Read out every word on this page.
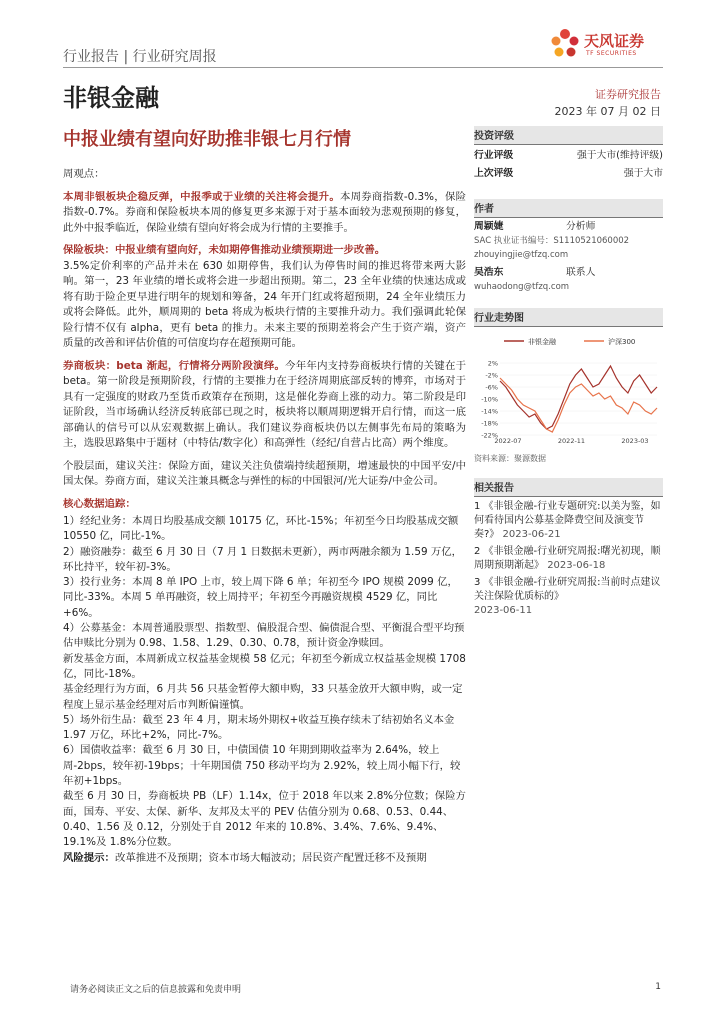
行业报告 | 行业研究周报
非银金融
天风证券
TF SECURITIES
证券研究报告
2023 年 07 月 02 日
中报业绩有望向好助推非银七月行情

周观点：

本周非银板块企稳反弹，中报季或于业绩的关注将会提升。本周券商指数-0.3%，保险指数-0.7%。券商和保险板块本周的修复更多来源于对于基本面较为悲观预期的修复，此外中报季临近，保险业绩有望向好将会成为行情的主要推手。

保险板块：中报业绩有望向好，未如期停售推动业绩预期进一步改善。
3.5%定价利率的产品并未在 630 如期停售，我们认为停售时间的推迟将带来两大影响。第一，23 年业绩的增长或将会进一步超出预期。第二，23 全年业绩的快速达成或将有助于险企更早进行明年的规划和筹备，24 年开门红或将超预期，24 全年业绩压力或将会降低。此外，顺周期的 beta 将成为板块行情的主要推升动力。我们强调此轮保险行情不仅有 alpha，更有 beta 的推力。未来主要的预期差将会产生于资产端，资产质量的改善和评估价值的可信度均存在超预期可能。

券商板块：beta 渐起，行情将分两阶段演绎。今年年内支持券商板块行情的关键在于 beta。第一阶段是预期阶段，行情的主要推力在于经济周期底部反转的博弈，市场对于具有一定强度的财政乃至货币政策存在预期，这是催化券商上涨的动力。第二阶段是印证阶段，当市场确认经济反转底部已现之时，板块将以顺周期逻辑开启行情，而这一底部确认的信号可以从宏观数据上确认。我们建议券商板块仍以左侧事先布局的策略为主，选股思路集中于题材（中特估/数字化）和高弹性（经纪/自营占比高）两个维度。

个股层面，建议关注：保险方面，建议关注负债端持续超预期，增速最快的中国平安/中国太保。券商方面，建议关注兼具概念与弹性的标的中国银河/光大证券/中金公司。

核心数据追踪：
1）经纪业务：本周日均股基成交额 10175 亿，环比-15%；年初至今日均股基成交额 10550 亿，同比-1%。
2）融资融券：截至 6 月 30 日（7 月 1 日数据未更新），两市两融余额为 1.59 万亿，环比持平，较年初-3%。
3）投行业务：本周 8 单 IPO 上市，较上周下降 6 单；年初至今 IPO 规模 2099 亿，同比-33%。本周 5 单再融资，较上周持平；年初至今再融资规模 4529 亿，同比+6%。
4）公募基金：本周普通股票型、指数型、偏股混合型、偏债混合型、平衡混合型平均预估申赎比分别为 0.98、1.58、1.29、0.30、0.78，预计资金净赎回。
新发基金方面，本周新成立权益基金规模 58 亿元；年初至今新成立权益基金规模 1708 亿，同比-18%。
基金经理行为方面，6 月共 56 只基金暂停大额申购，33 只基金放开大额申购，或一定程度上显示基金经理对后市判断偏谨慎。
5）场外衍生品：截至 23 年 4 月，期末场外期权+收益互换存续未了结初始名义本金 1.97 万亿，环比+2%，同比-7%。
6）国债收益率：截至 6 月 30 日，中债国债 10 年期到期收益率为 2.64%，较上周-2bps，较年初-19bps；十年期国债 750 移动平均为 2.92%，较上周小幅下行，较年初+1bps。
截至 6 月 30 日，券商板块 PB（LF）1.14x，位于 2018 年以来 2.8%分位数；保险方面，国寿、平安、太保、新华、友邦及太平的 PEV 估值分别为 0.68、0.53、0.44、0.40、1.56 及 0.12，分别处于自 2012 年来的 10.8%、3.4%、7.6%、9.4%、19.1%及 1.8%分位数。
风险提示：改革推进不及预期；资本市场大幅波动；居民资产配置迁移不及预期
投资评级
行业评级	强于大市(维持评级)
上次评级	强于大市
作者
周颖婕	分析师
SAC 执业证书编号：S1110521060002
zhouyingjie@tfzq.com
吴浩东	联系人
wuhaodong@tfzq.com
行业走势图
非银金融	沪深300
2%
-2%
-6%
-10%
-14%
-18%
-22%
2022-07	2022-11	2023-03
资料来源：聚源数据
相关报告

1 《非银金融-行业专题研究:以美为鉴，如何看待国内公募基金降费空间及演变节奏?》 2023-06-21

2 《非银金融-行业研究周报:曙光初现，顺周期预期渐起》 2023-06-18

3 《非银金融-行业研究周报:当前时点建议关注保险优质标的》
2023-06-11

请务必阅读正文之后的信息披露和免责申明	1
